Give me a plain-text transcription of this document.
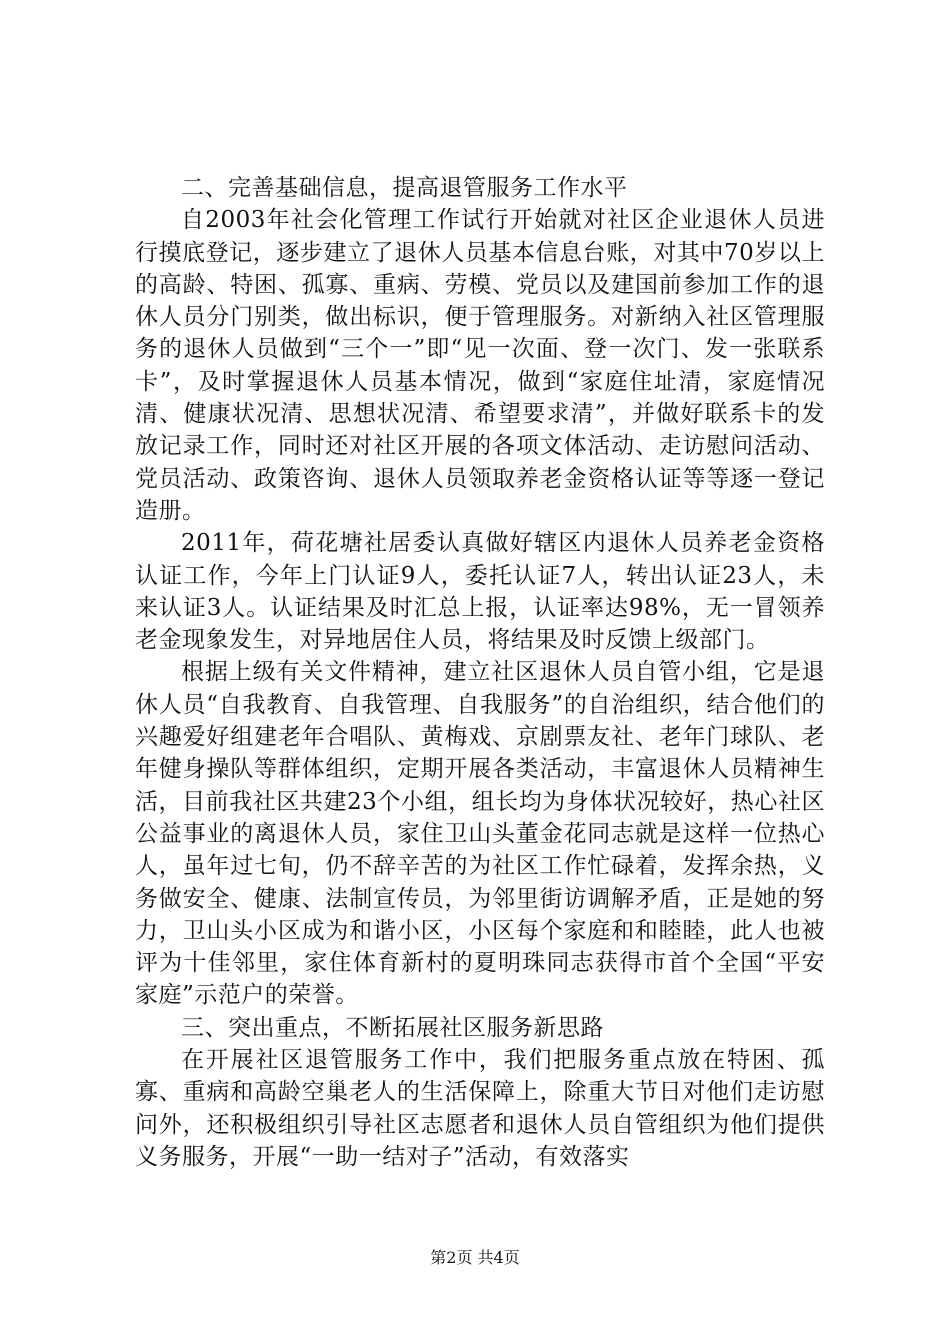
二、完善基础信息，提高退管服务工作水平

自2003年社会化管理工作试行开始就对社区企业退休人员进行摸底登记，逐步建立了退休人员基本信息台账，对其中70岁以上的高龄、特困、孤寡、重病、劳模、党员以及建国前参加工作的退休人员分门别类，做出标识，便于管理服务。对新纳入社区管理服务的退休人员做到“三个一”即“见一次面、登一次门、发一张联系卡”，及时掌握退休人员基本情况，做到“家庭住址清，家庭情况清、健康状况清、思想状况清、希望要求清”，并做好联系卡的发放记录工作，同时还对社区开展的各项文体活动、走访慰问活动、党员活动、政策咨询、退休人员领取养老金资格认证等等逐一登记造册。

2011年，荷花塘社居委认真做好辖区内退休人员养老金资格认证工作，今年上门认证9人，委托认证7人，转出认证23人，未来认证3人。认证结果及时汇总上报，认证率达98%，无一冒领养老金现象发生，对异地居住人员，将结果及时反馈上级部门。

根据上级有关文件精神，建立社区退休人员自管小组，它是退休人员“自我教育、自我管理、自我服务”的自治组织，结合他们的兴趣爱好组建老年合唱队、黄梅戏、京剧票友社、老年门球队、老年健身操队等群体组织，定期开展各类活动，丰富退休人员精神生活，目前我社区共建23个小组，组长均为身体状况较好，热心社区公益事业的离退休人员，家住卫山头董金花同志就是这样一位热心人，虽年过七旬，仍不辞辛苦的为社区工作忙碌着，发挥余热，义务做安全、健康、法制宣传员，为邻里街访调解矛盾，正是她的努力，卫山头小区成为和谐小区，小区每个家庭和和睦睦，此人也被评为十佳邻里，家住体育新村的夏明珠同志获得市首个全国“平安家庭”示范户的荣誉。

三、突出重点，不断拓展社区服务新思路

在开展社区退管服务工作中，我们把服务重点放在特困、孤寡、重病和高龄空巢老人的生活保障上，除重大节日对他们走访慰问外，还积极组织引导社区志愿者和退休人员自管组织为他们提供义务服务，开展“一助一结对子”活动，有效落实

第2页 共4页
